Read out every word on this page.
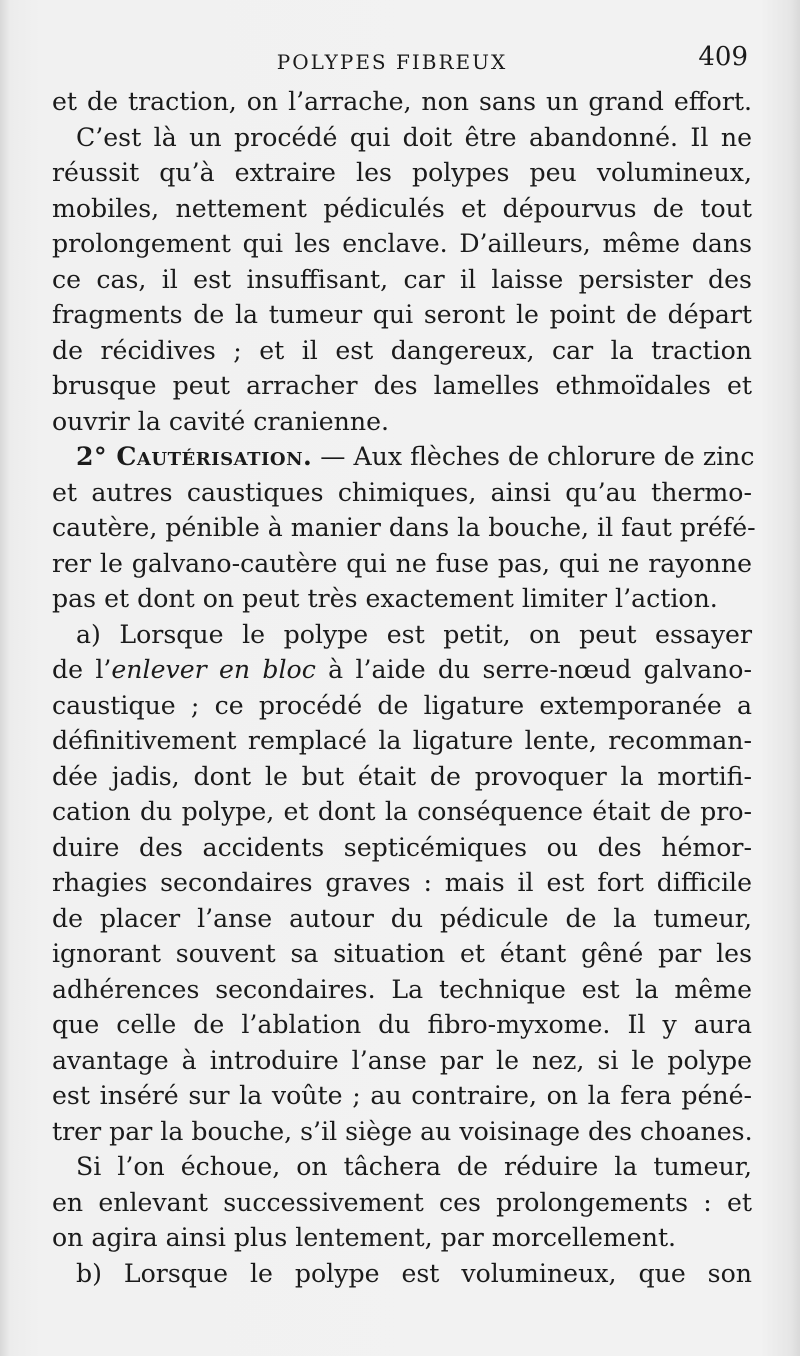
POLYPES FIBREUX	409
et de traction, on l’arrache, non sans un grand effort.
C’est là un procédé qui doit être abandonné. Il ne
réussit qu’à extraire les polypes peu volumineux,
mobiles, nettement pédiculés et dépourvus de tout
prolongement qui les enclave. D’ailleurs, même dans
ce cas, il est insuffisant, car il laisse persister des
fragments de la tumeur qui seront le point de départ
de récidives ; et il est dangereux, car la traction
brusque peut arracher des lamelles ethmoïdales et
ouvrir la cavité cranienne.
2° Cautérisation. — Aux flèches de chlorure de zinc
et autres caustiques chimiques, ainsi qu’au thermo-
cautère, pénible à manier dans la bouche, il faut préfé-
rer le galvano-cautère qui ne fuse pas, qui ne rayonne
pas et dont on peut très exactement limiter l’action.
a) Lorsque le polype est petit, on peut essayer
de l’enlever en bloc à l’aide du serre-nœud galvano-
caustique ; ce procédé de ligature extemporanée a
définitivement remplacé la ligature lente, recomman-
dée jadis, dont le but était de provoquer la mortifi-
cation du polype, et dont la conséquence était de pro-
duire des accidents septicémiques ou des hémor-
rhagies secondaires graves : mais il est fort difficile
de placer l’anse autour du pédicule de la tumeur,
ignorant souvent sa situation et étant gêné par les
adhérences secondaires. La technique est la même
que celle de l’ablation du fibro-myxome. Il y aura
avantage à introduire l’anse par le nez, si le polype
est inséré sur la voûte ; au contraire, on la fera péné-
trer par la bouche, s’il siège au voisinage des choanes.
Si l’on échoue, on tâchera de réduire la tumeur,
en enlevant successivement ces prolongements : et
on agira ainsi plus lentement, par morcellement.
b) Lorsque le polype est volumineux, que son
